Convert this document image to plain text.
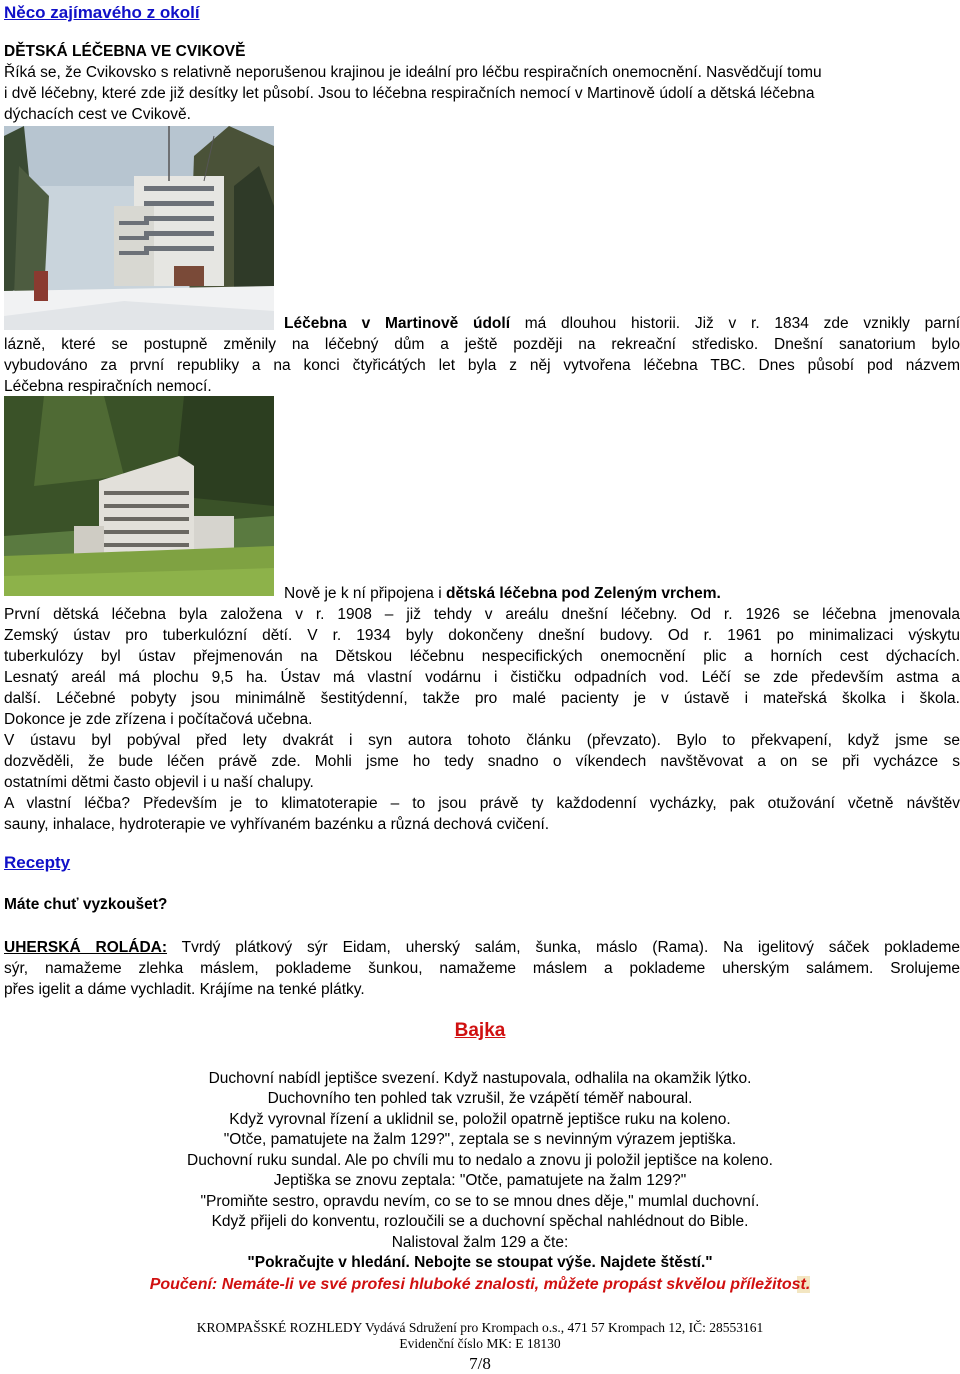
Něco zajímavého z okolí
DĚTSKÁ LÉČEBNA VE CVIKOVĚ
Říká se, že Cvikovsko s relativně neporušenou krajinou je ideální pro léčbu respiračních onemocnění. Nasvědčují tomu
i dvě léčebny, které zde již desítky let působí. Jsou to léčebna respiračních nemocí v Martinově údolí a dětská léčebna
dýchacích cest ve Cvikově.
Léčebna v Martinově údolí má dlouhou historii. Již v r. 1834 zde vznikly parní
lázně, které se postupně změnily na léčebný dům a ještě později na rekreační středisko. Dnešní sanatorium bylo
vybudováno za první republiky a na konci čtyřicátých let byla z něj vytvořena léčebna TBC. Dnes působí pod názvem
Léčebna respiračních nemocí.
Nově je k ní připojena i dětská léčebna pod Zeleným vrchem.
První dětská léčebna byla založena v r. 1908 – již tehdy v areálu dnešní léčebny. Od r. 1926 se léčebna jmenovala
Zemský ústav pro tuberkulózní dětí. V r. 1934 byly dokončeny dnešní budovy. Od r. 1961 po minimalizaci výskytu
tuberkulózy byl ústav přejmenován na Dětskou léčebnu nespecifických onemocnění plic a horních cest dýchacích.
Lesnatý areál má plochu 9,5 ha. Ústav má vlastní vodárnu i čističku odpadních vod. Léčí se zde především astma a
další. Léčebné pobyty jsou minimálně šestitýdenní, takže pro malé pacienty je v ústavě i mateřská školka i škola.
Dokonce je zde zřízena i počítačová učebna.
V ústavu byl pobýval před lety dvakrát i syn autora tohoto článku (převzato). Bylo to překvapení, když jsme se
dozvěděli, že bude léčen právě zde. Mohli jsme ho tedy snadno o víkendech navštěvovat a on se při vycházce s
ostatními dětmi často objevil i u naší chalupy.
A vlastní léčba? Především je to klimatoterapie – to jsou právě ty každodenní vycházky, pak otužování včetně návštěv
sauny, inhalace, hydroterapie ve vyhřívaném bazénku a různá dechová cvičení.
Recepty
Máte chuť vyzkoušet?
UHERSKÁ ROLÁDA: Tvrdý plátkový sýr Eidam, uherský salám, šunka, máslo (Rama). Na igelitový sáček poklademe
sýr, namažeme zlehka máslem, poklademe šunkou, namažeme máslem a poklademe uherským salámem. Srolujeme
přes igelit a dáme vychladit. Krájíme na tenké plátky.
Bajka
Duchovní nabídl jeptišce svezení. Když nastupovala, odhalila na okamžik lýtko.
Duchovního ten pohled tak vzrušil, že vzápětí téměř naboural.
Když vyrovnal řízení a uklidnil se, položil opatrně jeptišce ruku na koleno.
"Otče, pamatujete na žalm 129?", zeptala se s nevinným výrazem jeptiška.
Duchovní ruku sundal. Ale po chvíli mu to nedalo a znovu ji položil jeptišce na koleno.
Jeptiška se znovu zeptala: "Otče, pamatujete na žalm 129?"
"Promiňte sestro, opravdu nevím, co se to se mnou dnes děje," mumlal duchovní.
Když přijeli do konventu, rozloučili se a duchovní spěchal nahlédnout do Bible.
Nalistoval žalm 129 a čte:
"Pokračujte v hledání. Nebojte se stoupat výše. Najdete štěstí."
Poučení: Nemáte-li ve své profesi hluboké znalosti, můžete propást skvělou příležitost.
KROMPAŠSKÉ ROZHLEDY Vydává Sdružení pro Krompach o.s., 471 57 Krompach 12, IČ: 28553161
Evidenční číslo MK: E 18130
7/8
